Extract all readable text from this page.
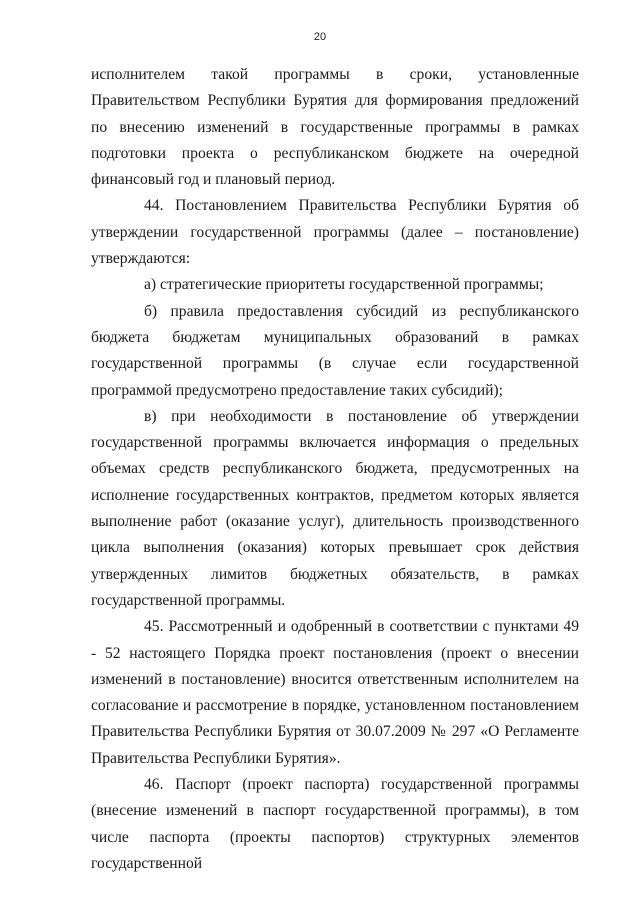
20

исполнителем такой программы в сроки, установленные Правительством Республики Бурятия для формирования предложений по внесению изменений в государственные программы в рамках подготовки проекта о республиканском бюджете на очередной финансовый год и плановый период.

44. Постановлением Правительства Республики Бурятия об утверждении государственной программы (далее – постановление) утверждаются:

а) стратегические приоритеты государственной программы;

б) правила предоставления субсидий из республиканского бюджета бюджетам муниципальных образований в рамках государственной программы (в случае если государственной программой предусмотрено предоставление таких субсидий);

в) при необходимости в постановление об утверждении государственной программы включается информация о предельных объемах средств республиканского бюджета, предусмотренных на исполнение государственных контрактов, предметом которых является выполнение работ (оказание услуг), длительность производственного цикла выполнения (оказания) которых превышает срок действия утвержденных лимитов бюджетных обязательств, в рамках государственной программы.

45. Рассмотренный и одобренный в соответствии с пунктами 49 - 52 настоящего Порядка проект постановления (проект о внесении изменений в постановление) вносится ответственным исполнителем на согласование и рассмотрение в порядке, установленном постановлением Правительства Республики Бурятия от 30.07.2009 № 297 «О Регламенте Правительства Республики Бурятия».

46. Паспорт (проект паспорта) государственной программы (внесение изменений в паспорт государственной программы), в том числе паспорта (проекты паспортов) структурных элементов государственной
